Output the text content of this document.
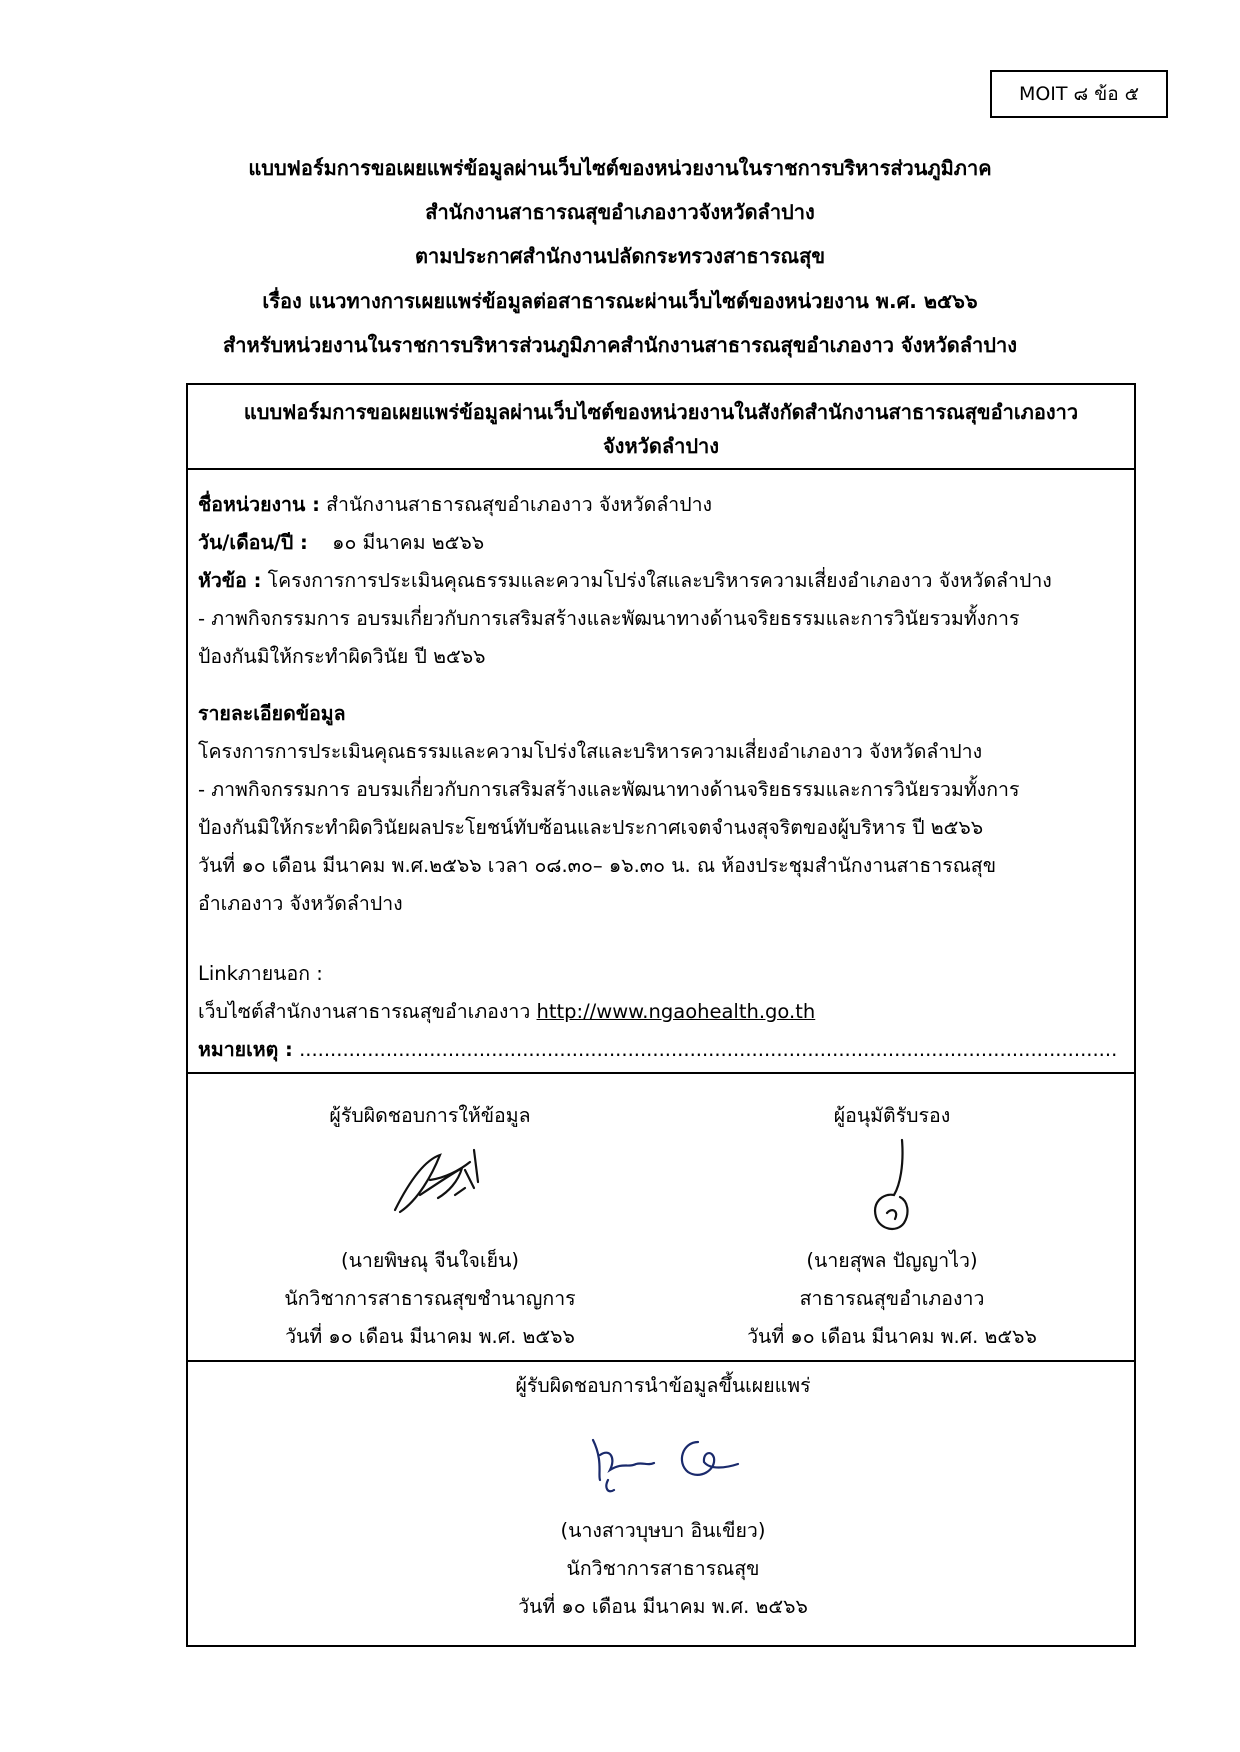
MOIT ๘ ข้อ ๕
แบบฟอร์มการขอเผยแพร่ข้อมูลผ่านเว็บไซต์ของหน่วยงานในราชการบริหารส่วนภูมิภาค
สำนักงานสาธารณสุขอำเภองาวจังหวัดลำปาง
ตามประกาศสำนักงานปลัดกระทรวงสาธารณสุข
เรื่อง แนวทางการเผยแพร่ข้อมูลต่อสาธารณะผ่านเว็บไซต์ของหน่วยงาน พ.ศ. ๒๕๖๖
สำหรับหน่วยงานในราชการบริหารส่วนภูมิภาคสำนักงานสาธารณสุขอำเภองาว จังหวัดลำปาง
แบบฟอร์มการขอเผยแพร่ข้อมูลผ่านเว็บไซต์ของหน่วยงานในสังกัดสำนักงานสาธารณสุขอำเภองาว
จังหวัดลำปาง
ชื่อหน่วยงาน : สำนักงานสาธารณสุขอำเภองาว จังหวัดลำปาง
วัน/เดือน/ปี : ๑๐ มีนาคม ๒๕๖๖
หัวข้อ : โครงการการประเมินคุณธรรมและความโปร่งใสและบริหารความเสี่ยงอำเภองาว จังหวัดลำปาง
- ภาพกิจกรรมการ อบรมเกี่ยวกับการเสริมสร้างและพัฒนาทางด้านจริยธรรมและการวินัยรวมทั้งการ
ป้องกันมิให้กระทำผิดวินัย ปี ๒๕๖๖
รายละเอียดข้อมูล
โครงการการประเมินคุณธรรมและความโปร่งใสและบริหารความเสี่ยงอำเภองาว จังหวัดลำปาง
- ภาพกิจกรรมการ อบรมเกี่ยวกับการเสริมสร้างและพัฒนาทางด้านจริยธรรมและการวินัยรวมทั้งการ
ป้องกันมิให้กระทำผิดวินัยผลประโยชน์ทับซ้อนและประกาศเจตจำนงสุจริตของผู้บริหาร ปี ๒๕๖๖
วันที่ ๑๐ เดือน มีนาคม พ.ศ.๒๕๖๖ เวลา ๐๘.๓๐– ๑๖.๓๐ น. ณ ห้องประชุมสำนักงานสาธารณสุข
อำเภองาว จังหวัดลำปาง
Linkภายนอก :
เว็บไซต์สำนักงานสาธารณสุขอำเภองาว http://www.ngaohealth.go.th
หมายเหตุ : ....................................................................................................................................
ผู้รับผิดชอบการให้ข้อมูล
(นายพิษณุ จีนใจเย็น)
นักวิชาการสาธารณสุขชำนาญการ
วันที่ ๑๐ เดือน มีนาคม พ.ศ. ๒๕๖๖
ผู้อนุมัติรับรอง
(นายสุพล ปัญญาไว)
สาธารณสุขอำเภองาว
วันที่ ๑๐ เดือน มีนาคม พ.ศ. ๒๕๖๖
ผู้รับผิดชอบการนำข้อมูลขึ้นเผยแพร่
(นางสาวบุษบา อินเขียว)
นักวิชาการสาธารณสุข
วันที่ ๑๐ เดือน มีนาคม พ.ศ. ๒๕๖๖
